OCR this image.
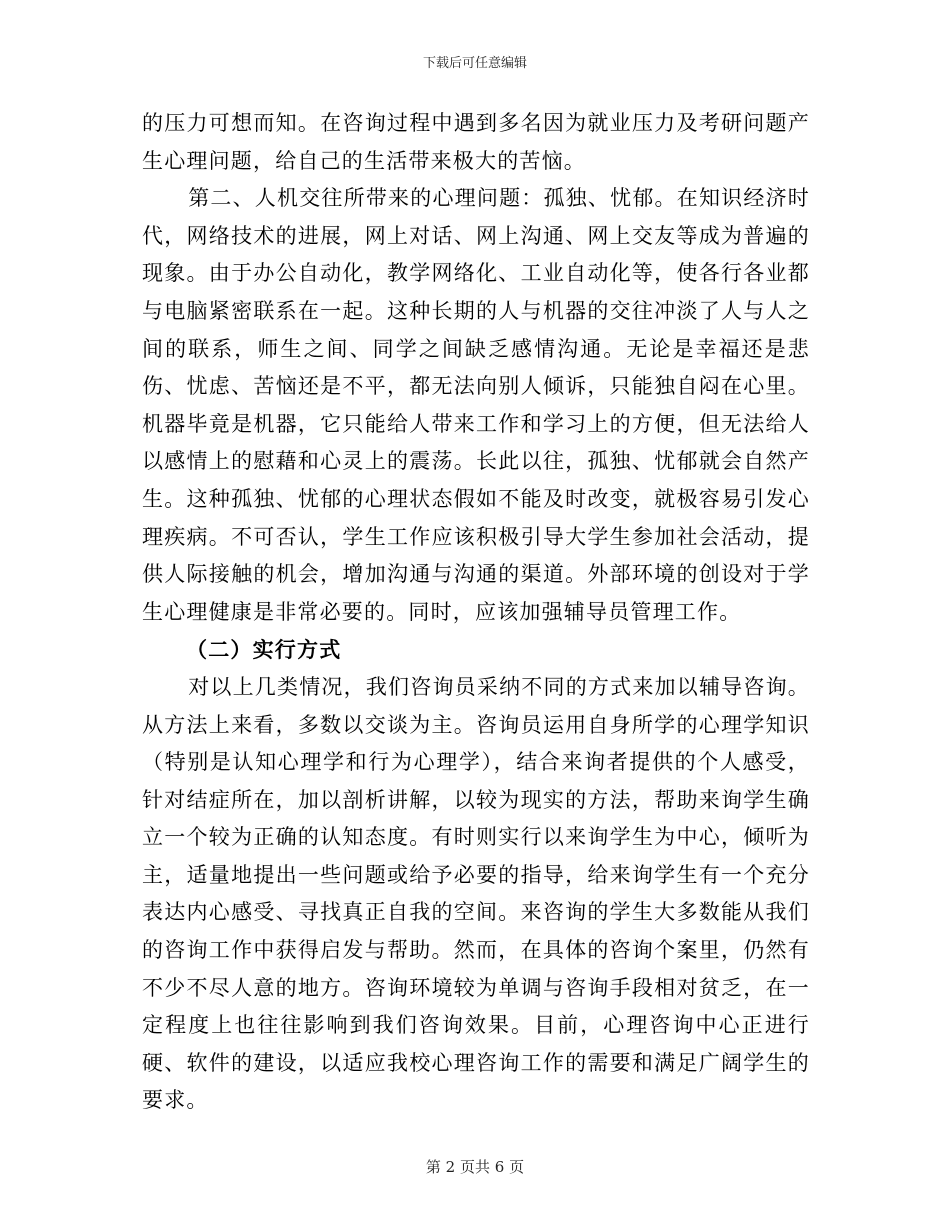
下载后可任意编辑

的压力可想而知。在咨询过程中遇到多名因为就业压力及考研问题产生心理问题，给自己的生活带来极大的苦恼。

第二、人机交往所带来的心理问题：孤独、忧郁。在知识经济时代，网络技术的进展，网上对话、网上沟通、网上交友等成为普遍的现象。由于办公自动化，教学网络化、工业自动化等，使各行各业都与电脑紧密联系在一起。这种长期的人与机器的交往冲淡了人与人之间的联系，师生之间、同学之间缺乏感情沟通。无论是幸福还是悲伤、忧虑、苦恼还是不平，都无法向别人倾诉，只能独自闷在心里。机器毕竟是机器，它只能给人带来工作和学习上的方便，但无法给人以感情上的慰藉和心灵上的震荡。长此以往，孤独、忧郁就会自然产生。这种孤独、忧郁的心理状态假如不能及时改变，就极容易引发心理疾病。不可否认，学生工作应该积极引导大学生参加社会活动，提供人际接触的机会，增加沟通与沟通的渠道。外部环境的创设对于学生心理健康是非常必要的。同时，应该加强辅导员管理工作。

（二）实行方式

对以上几类情况，我们咨询员采纳不同的方式来加以辅导咨询。从方法上来看，多数以交谈为主。咨询员运用自身所学的心理学知识（特别是认知心理学和行为心理学），结合来询者提供的个人感受，针对结症所在，加以剖析讲解，以较为现实的方法，帮助来询学生确立一个较为正确的认知态度。有时则实行以来询学生为中心，倾听为主，适量地提出一些问题或给予必要的指导，给来询学生有一个充分表达内心感受、寻找真正自我的空间。来咨询的学生大多数能从我们的咨询工作中获得启发与帮助。然而，在具体的咨询个案里，仍然有不少不尽人意的地方。咨询环境较为单调与咨询手段相对贫乏，在一定程度上也往往影响到我们咨询效果。目前，心理咨询中心正进行硬、软件的建设，以适应我校心理咨询工作的需要和满足广阔学生的要求。

第 2 页共 6 页
